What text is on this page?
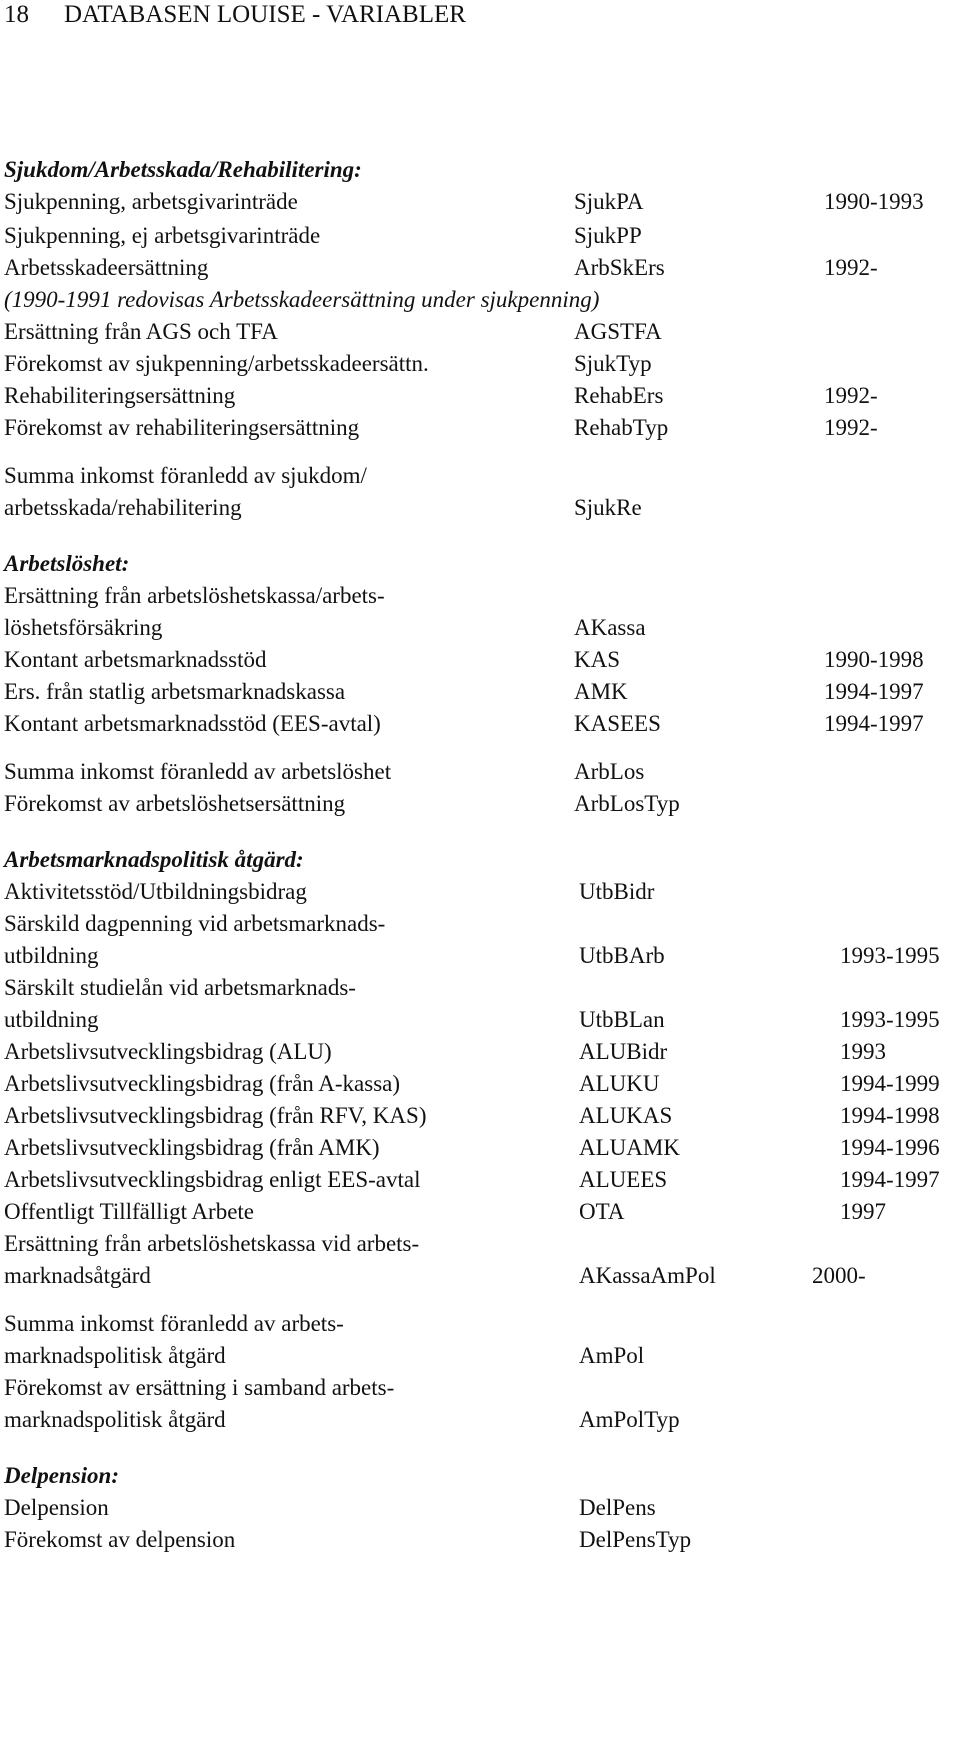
18 DATABASEN LOUISE - VARIABLER
Sjukdom/Arbetsskada/Rehabilitering:
Sjukpenning, arbetsgivarinträde	SjukPA	1990-1993
Sjukpenning, ej arbetsgivarinträde	SjukPP
Arbetsskadeersättning	ArbSkErs	1992-
(1990-1991 redovisas Arbetsskadeersättning under sjukpenning)
Ersättning från AGS och TFA	AGSTFA
Förekomst av sjukpenning/arbetsskadeersättn.	SjukTyp
Rehabiliteringsersättning	RehabErs	1992-
Förekomst av rehabiliteringsersättning	RehabTyp	1992-
Summa inkomst föranledd av sjukdom/
arbetsskada/rehabilitering	SjukRe
Arbetslöshet:
Ersättning från arbetslöshetskassa/arbets-
löshetsförsäkring	AKassa
Kontant arbetsmarknadsstöd	KAS	1990-1998
Ers. från statlig arbetsmarknadskassa	AMK	1994-1997
Kontant arbetsmarknadsstöd (EES-avtal)	KASEES	1994-1997
Summa inkomst föranledd av arbetslöshet	ArbLos
Förekomst av arbetslöshetsersättning	ArbLosTyp
Arbetsmarknadspolitisk åtgärd:
Aktivitetsstöd/Utbildningsbidrag	UtbBidr
Särskild dagpenning vid arbetsmarknads-
utbildning	UtbBArb	1993-1995
Särskilt studielån vid arbetsmarknads-
utbildning	UtbBLan	1993-1995
Arbetslivsutvecklingsbidrag (ALU)	ALUBidr	1993
Arbetslivsutvecklingsbidrag (från A-kassa)	ALUKU	1994-1999
Arbetslivsutvecklingsbidrag (från RFV, KAS)	ALUKAS	1994-1998
Arbetslivsutvecklingsbidrag (från AMK)	ALUAMK	1994-1996
Arbetslivsutvecklingsbidrag enligt EES-avtal	ALUEES	1994-1997
Offentligt Tillfälligt Arbete	OTA	1997
Ersättning från arbetslöshetskassa vid arbets-
marknadsåtgärd	AKassaAmPol	2000-
Summa inkomst föranledd av arbets-
marknadspolitisk åtgärd	AmPol
Förekomst av ersättning i samband arbets-
marknadspolitisk åtgärd	AmPolTyp
Delpension:
Delpension	DelPens
Förekomst av delpension	DelPensTyp
